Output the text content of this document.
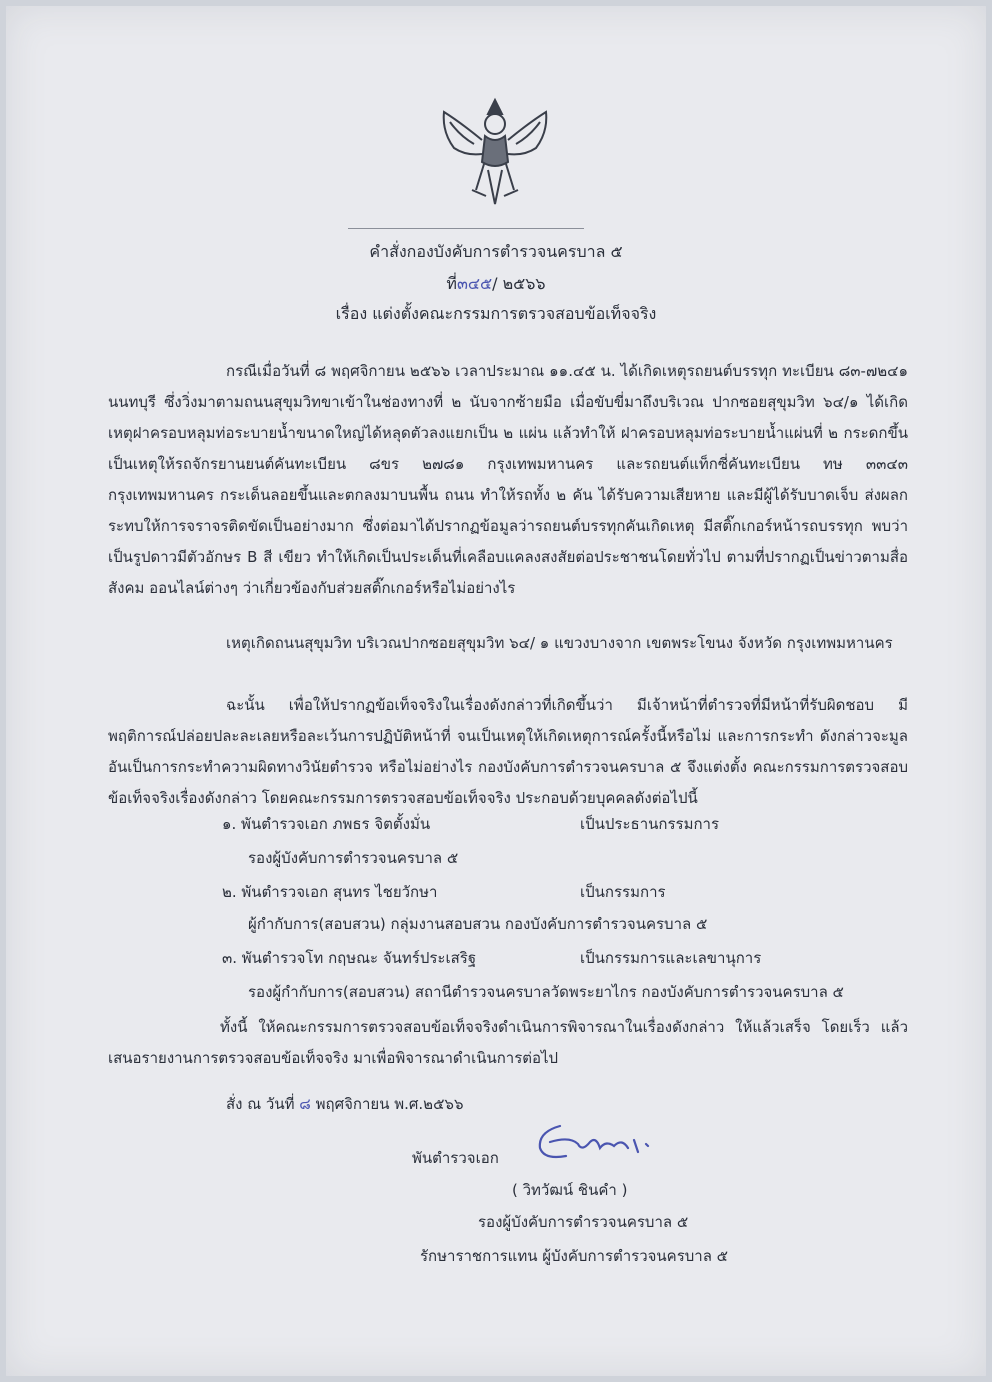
คำสั่งกองบังคับการตำรวจนครบาล ๕
ที่๓๔๕/ ๒๕๖๖
เรื่อง แต่งตั้งคณะกรรมการตรวจสอบข้อเท็จจริง
กรณีเมื่อวันที่ ๘ พฤศจิกายน ๒๕๖๖ เวลาประมาณ ๑๑.๔๕ น. ได้เกิดเหตุรถยนต์บรรทุก ทะเบียน ๘๓-๗๒๔๑ นนทบุรี ซึ่งวิ่งมาตามถนนสุขุมวิทขาเข้าในช่องทางที่ ๒ นับจากซ้ายมือ เมื่อขับขี่มาถึงบริเวณ ปากซอยสุขุมวิท ๖๔/๑ ได้เกิดเหตุฝาครอบหลุมท่อระบายน้ำขนาดใหญ่ได้หลุดตัวลงแยกเป็น ๒ แผ่น แล้วทำให้ ฝาครอบหลุมท่อระบายน้ำแผ่นที่ ๒ กระดกขึ้น เป็นเหตุให้รถจักรยานยนต์คันทะเบียน ๘ขร ๒๗๘๑ กรุงเทพมหานคร และรถยนต์แท็กซี่คันทะเบียน ทษ ๓๓๔๓ กรุงเทพมหานคร กระเด็นลอยขึ้นและตกลงมาบนพื้น ถนน ทำให้รถทั้ง ๒ คัน ได้รับความเสียหาย และมีผู้ได้รับบาดเจ็บ ส่งผลกระทบให้การจราจรติดขัดเป็นอย่างมาก ซึ่งต่อมาได้ปรากฏข้อมูลว่ารถยนต์บรรทุกคันเกิดเหตุ มีสติ๊กเกอร์หน้ารถบรรทุก พบว่าเป็นรูปดาวมีตัวอักษร B สี เขียว ทำให้เกิดเป็นประเด็นที่เคลือบแคลงสงสัยต่อประชาชนโดยทั่วไป ตามที่ปรากฏเป็นข่าวตามสื่อสังคม ออนไลน์ต่างๆ ว่าเกี่ยวข้องกับส่วยสติ๊กเกอร์หรือไม่อย่างไร
เหตุเกิดถนนสุขุมวิท บริเวณปากซอยสุขุมวิท ๖๔/ ๑ แขวงบางจาก เขตพระโขนง จังหวัด กรุงเทพมหานคร
ฉะนั้น เพื่อให้ปรากฏข้อเท็จจริงในเรื่องดังกล่าวที่เกิดขึ้นว่า มีเจ้าหน้าที่ตำรวจที่มีหน้าที่รับผิดชอบ มีพฤติการณ์ปล่อยปละละเลยหรือละเว้นการปฏิบัติหน้าที่ จนเป็นเหตุให้เกิดเหตุการณ์ครั้งนี้หรือไม่ และการกระทำ ดังกล่าวจะมูลอันเป็นการกระทำความผิดทางวินัยตำรวจ หรือไม่อย่างไร กองบังคับการตำรวจนครบาล ๕ จึงแต่งตั้ง คณะกรรมการตรวจสอบข้อเท็จจริงเรื่องดังกล่าว โดยคณะกรรมการตรวจสอบข้อเท็จจริง ประกอบด้วยบุคคลดังต่อไปนี้
๑. พันตำรวจเอก ภพธร จิตตั้งมั่น	เป็นประธานกรรมการ
รองผู้บังคับการตำรวจนครบาล ๕
๒. พันตำรวจเอก สุนทร ไชยวักษา	เป็นกรรมการ
ผู้กำกับการ(สอบสวน) กลุ่มงานสอบสวน กองบังคับการตำรวจนครบาล ๕
๓. พันตำรวจโท กฤษณะ จันทร์ประเสริฐ	เป็นกรรมการและเลขานุการ
รองผู้กำกับการ(สอบสวน) สถานีตำรวจนครบาลวัดพระยาไกร กองบังคับการตำรวจนครบาล ๕
ทั้งนี้ ให้คณะกรรมการตรวจสอบข้อเท็จจริงดำเนินการพิจารณาในเรื่องดังกล่าว ให้แล้วเสร็จ โดยเร็ว แล้วเสนอรายงานการตรวจสอบข้อเท็จจริง มาเพื่อพิจารณาดำเนินการต่อไป
สั่ง ณ วันที่ ๘ พฤศจิกายน พ.ศ.๒๕๖๖
พันตำรวจเอก
( วิทวัฒน์ ชินคำ )
รองผู้บังคับการตำรวจนครบาล ๕
รักษาราชการแทน ผู้บังคับการตำรวจนครบาล ๕
